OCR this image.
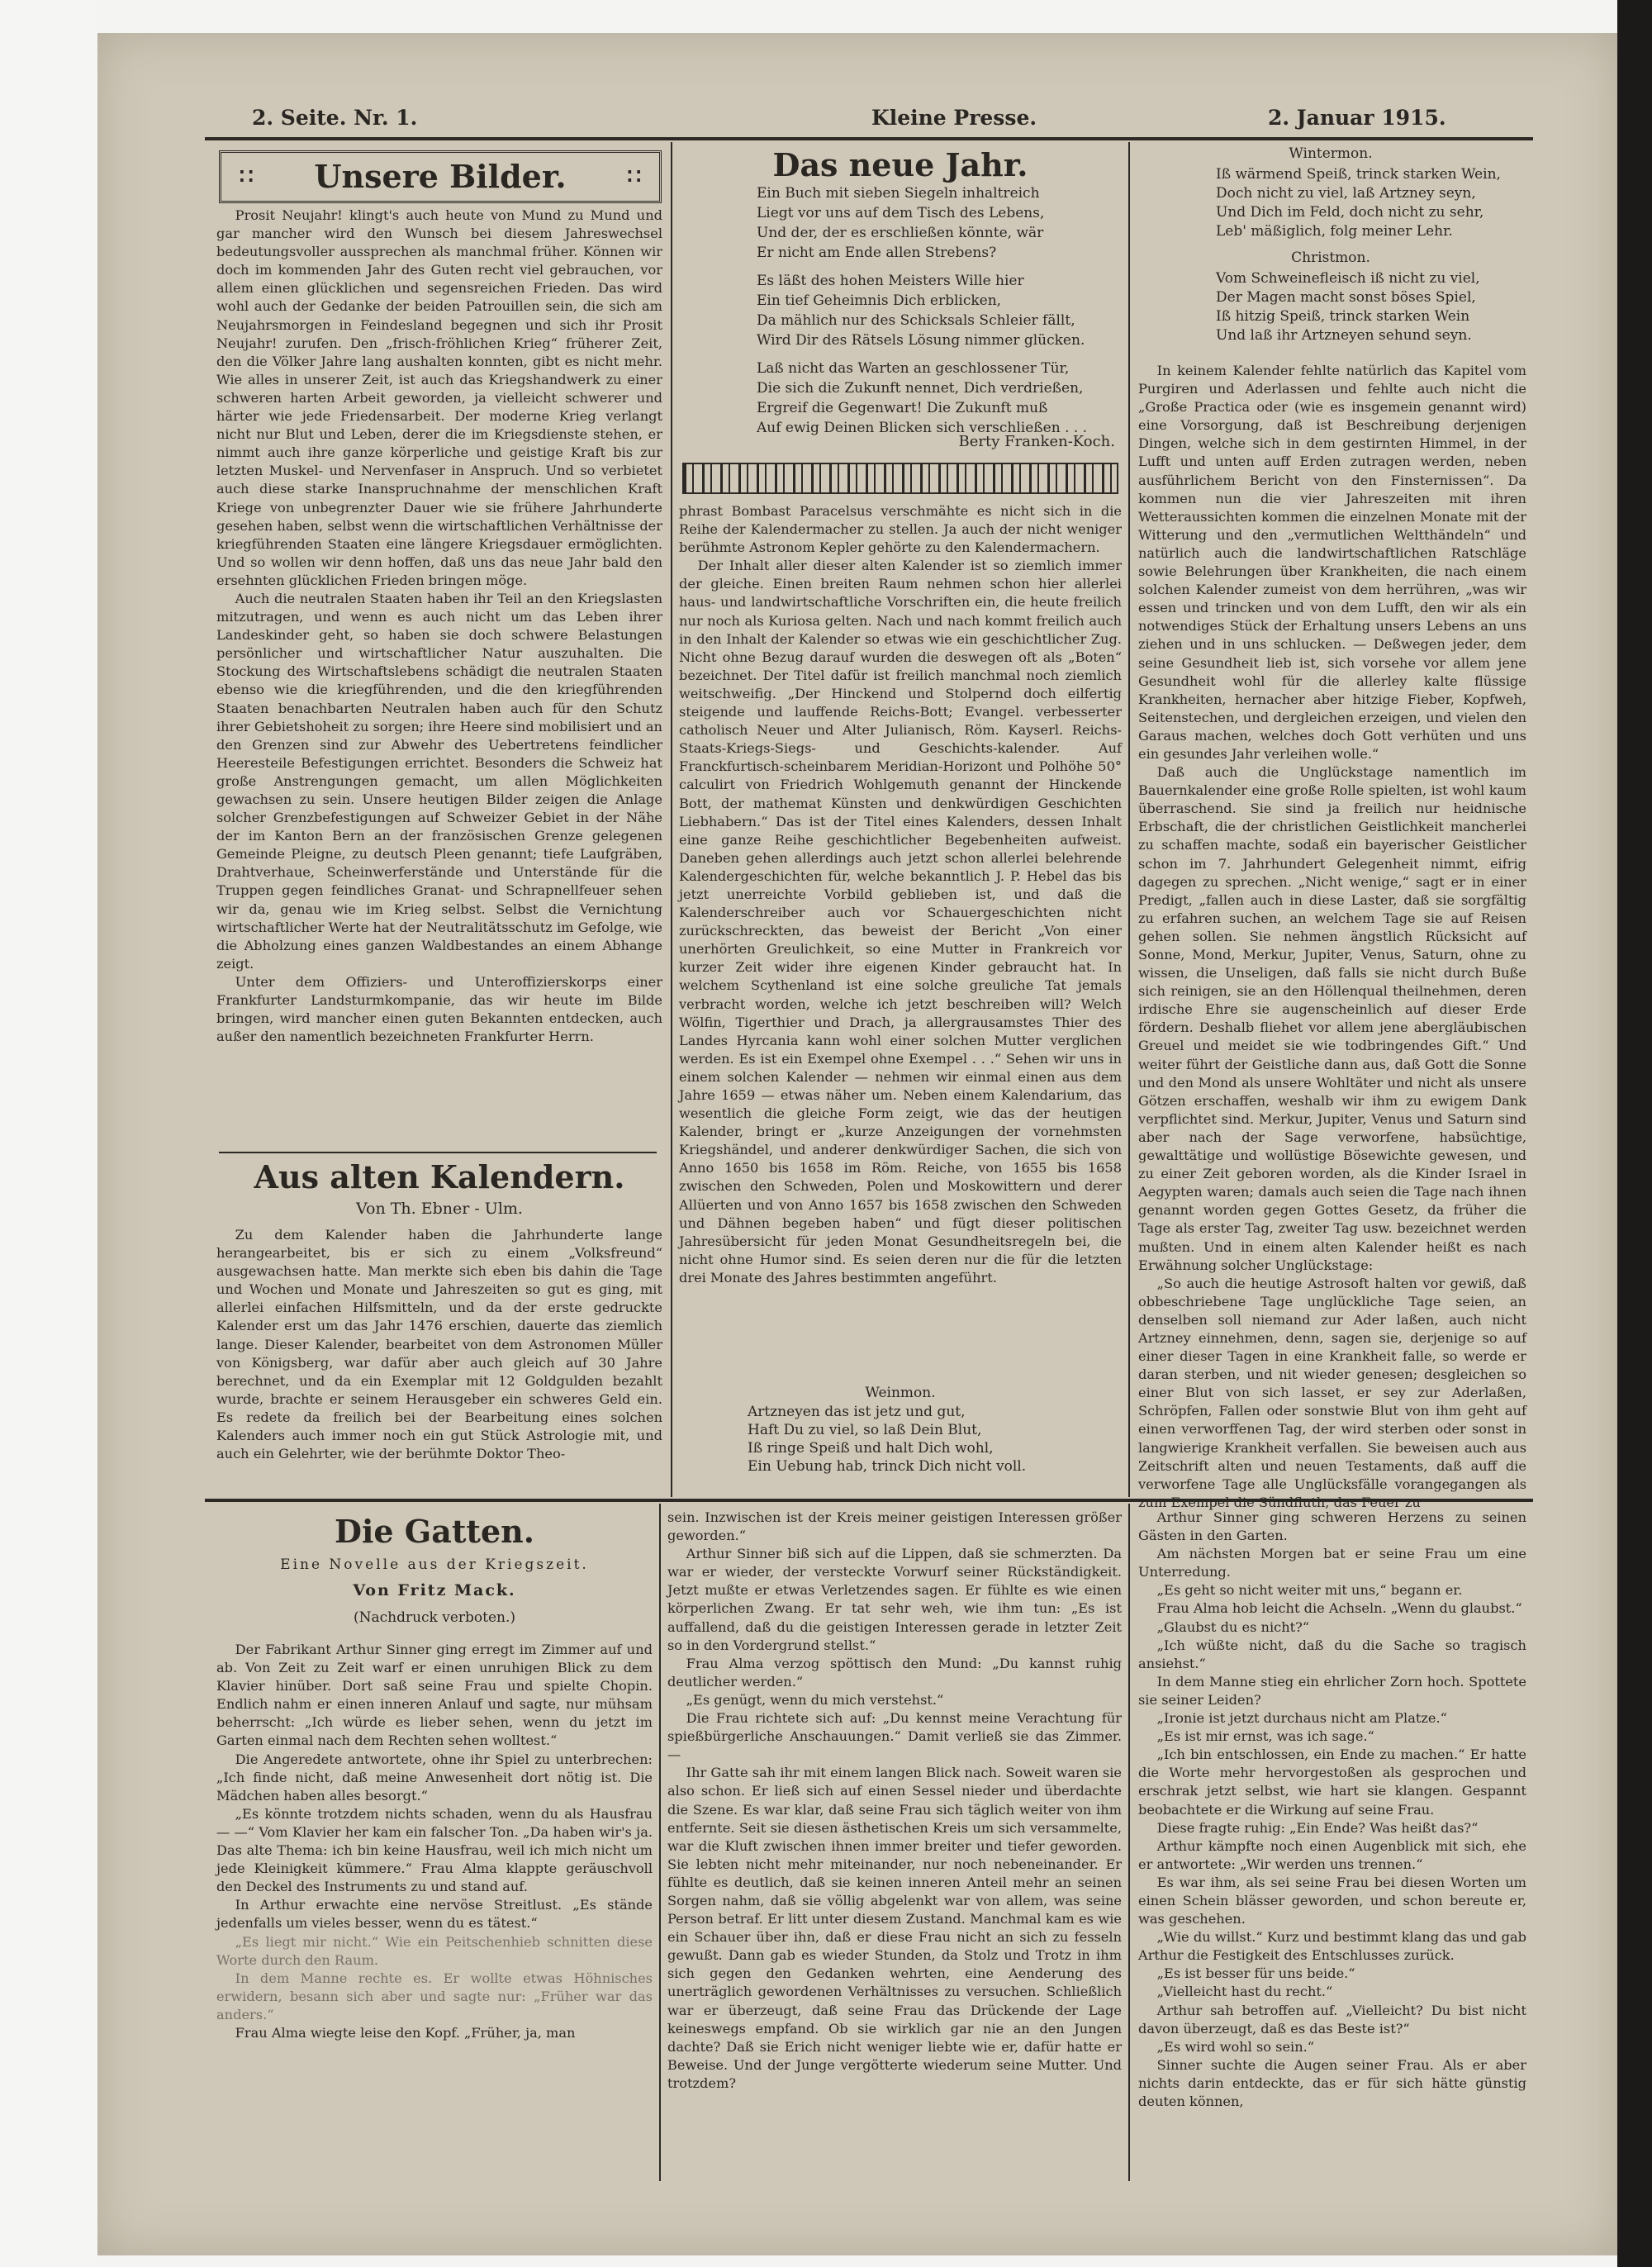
2. Seite. Nr. 1.	Kleine Presse.	2. Januar 1915.
∷ Unsere Bilder.	∷

Prosit Neujahr! klingt's auch heute von Mund zu Mund und gar mancher wird den Wunsch bei diesem Jahreswechsel bedeutungsvoller aussprechen als manchmal früher. Können wir doch im kommenden Jahr des Guten recht viel gebrauchen, vor allem einen glücklichen und segensreichen Frieden. Das wird wohl auch der Gedanke der beiden Patrouillen sein, die sich am Neujahrsmorgen in Feindesland begegnen und sich ihr Prosit Neujahr! zurufen. Den „frisch-fröhlichen Krieg“ früherer Zeit, den die Völker Jahre lang aushalten konnten, gibt es nicht mehr. Wie alles in unserer Zeit, ist auch das Kriegshandwerk zu einer schweren harten Arbeit geworden, ja vielleicht schwerer und härter wie jede Friedensarbeit. Der moderne Krieg verlangt nicht nur Blut und Leben, derer die im Kriegsdienste stehen, er nimmt auch ihre ganze körperliche und geistige Kraft bis zur letzten Muskel- und Nervenfaser in Anspruch. Und so verbietet auch diese starke Inanspruchnahme der menschlichen Kraft Kriege von unbegrenzter Dauer wie sie frühere Jahrhunderte gesehen haben, selbst wenn die wirtschaftlichen Verhältnisse der kriegführenden Staaten eine längere Kriegsdauer ermöglichten. Und so wollen wir denn hoffen, daß uns das neue Jahr bald den ersehnten glücklichen Frieden bringen möge.

Auch die neutralen Staaten haben ihr Teil an den Kriegslasten mitzutragen, und wenn es auch nicht um das Leben ihrer Landeskinder geht, so haben sie doch schwere Belastungen persönlicher und wirtschaftlicher Natur auszuhalten. Die Stockung des Wirtschaftslebens schädigt die neutralen Staaten ebenso wie die kriegführenden, und die den kriegführenden Staaten benachbarten Neutralen haben auch für den Schutz ihrer Gebietshoheit zu sorgen; ihre Heere sind mobilisiert und an den Grenzen sind zur Abwehr des Uebertretens feindlicher Heeresteile Befestigungen errichtet. Besonders die Schweiz hat große Anstrengungen gemacht, um allen Möglichkeiten gewachsen zu sein. Unsere heutigen Bilder zeigen die Anlage solcher Grenzbefestigungen auf Schweizer Gebiet in der Nähe der im Kanton Bern an der französischen Grenze gelegenen Gemeinde Pleigne, zu deutsch Pleen genannt; tiefe Laufgräben, Drahtverhaue, Scheinwerferstände und Unterstände für die Truppen gegen feindliches Granat- und Schrapnellfeuer sehen wir da, genau wie im Krieg selbst. Selbst die Vernichtung wirtschaftlicher Werte hat der Neutralitätsschutz im Gefolge, wie die Abholzung eines ganzen Waldbestandes an einem Abhange zeigt.

Unter dem Offiziers- und Unteroffizierskorps einer Frankfurter Landsturmkompanie, das wir heute im Bilde bringen, wird mancher einen guten Bekannten entdecken, auch außer den namentlich bezeichneten Frankfurter Herrn.

Aus alten Kalendern.
Von Th. Ebner - Ulm.

Zu dem Kalender haben die Jahrhunderte lange herangearbeitet, bis er sich zu einem „Volksfreund“ ausgewachsen hatte. Man merkte sich eben bis dahin die Tage und Wochen und Monate und Jahreszeiten so gut es ging, mit allerlei einfachen Hilfsmitteln, und da der erste gedruckte Kalender erst um das Jahr 1476 erschien, dauerte das ziemlich lange. Dieser Kalender, bearbeitet von dem Astronomen Müller von Königsberg, war dafür aber auch gleich auf 30 Jahre berechnet, und da ein Exemplar mit 12 Goldgulden bezahlt wurde, brachte er seinem Herausgeber ein schweres Geld ein. Es redete da freilich bei der Bearbeitung eines solchen Kalenders auch immer noch ein gut Stück Astrologie mit, und auch ein Gelehrter, wie der berühmte Doktor Theo-

Das neue Jahr.
Ein Buch mit sieben Siegeln inhaltreich
Liegt vor uns auf dem Tisch des Lebens,
Und der, der es erschließen könnte, wär
Er nicht am Ende allen Strebens?
Es läßt des hohen Meisters Wille hier
Ein tief Geheimnis Dich erblicken,
Da mählich nur des Schicksals Schleier fällt,
Wird Dir des Rätsels Lösung nimmer glücken.
Laß nicht das Warten an geschlossener Tür,
Die sich die Zukunft nennet, Dich verdrießen,
Ergreif die Gegenwart! Die Zukunft muß
Auf ewig Deinen Blicken sich verschließen . . .
Berty Franken-Koch.

phrast Bombast Paracelsus verschmähte es nicht sich in die Reihe der Kalendermacher zu stellen. Ja auch der nicht weniger berühmte Astronom Kepler gehörte zu den Kalendermachern.

Der Inhalt aller dieser alten Kalender ist so ziemlich immer der gleiche. Einen breiten Raum nehmen schon hier allerlei haus- und landwirtschaftliche Vorschriften ein, die heute freilich nur noch als Kuriosa gelten. Nach und nach kommt freilich auch in den Inhalt der Kalender so etwas wie ein geschichtlicher Zug. Nicht ohne Bezug darauf wurden die deswegen oft als „Boten“ bezeichnet. Der Titel dafür ist freilich manchmal noch ziemlich weitschweifig. „Der Hinckend und Stolpernd doch eilfertig steigende und lauffende Reichs-Bott; Evangel. verbesserter catholisch Neuer und Alter Julianisch, Röm. Kayserl. Reichs-Staats-Kriegs-Siegs- und Geschichts-kalender. Auf Franckfurtisch-scheinbarem Meridian-Horizont und Polhöhe 50° calculirt von Friedrich Wohlgemuth genannt der Hinckende Bott, der mathemat Künsten und denkwürdigen Geschichten Liebhabern.“ Das ist der Titel eines Kalenders, dessen Inhalt eine ganze Reihe geschichtlicher Begebenheiten aufweist. Daneben gehen allerdings auch jetzt schon allerlei belehrende Kalendergeschichten für, welche bekanntlich J. P. Hebel das bis jetzt unerreichte Vorbild geblieben ist, und daß die Kalenderschreiber auch vor Schauergeschichten nicht zurückschreckten, das beweist der Bericht „Von einer unerhörten Greulichkeit, so eine Mutter in Frankreich vor kurzer Zeit wider ihre eigenen Kinder gebraucht hat. In welchem Scythenland ist eine solche greuliche Tat jemals verbracht worden, welche ich jetzt beschreiben will? Welch Wölfin, Tigerthier und Drach, ja allergrausamstes Thier des Landes Hyrcania kann wohl einer solchen Mutter verglichen werden. Es ist ein Exempel ohne Exempel . . .“ Sehen wir uns in einem solchen Kalender — nehmen wir einmal einen aus dem Jahre 1659 — etwas näher um. Neben einem Kalendarium, das wesentlich die gleiche Form zeigt, wie das der heutigen Kalender, bringt er „kurze Anzeigungen der vornehmsten Kriegshändel, und anderer denkwürdiger Sachen, die sich von Anno 1650 bis 1658 im Röm. Reiche, von 1655 bis 1658 zwischen den Schweden, Polen und Moskowittern und derer Allüerten und von Anno 1657 bis 1658 zwischen den Schweden und Dähnen begeben haben“ und fügt dieser politischen Jahresübersicht für jeden Monat Gesundheitsregeln bei, die nicht ohne Humor sind. Es seien deren nur die für die letzten drei Monate des Jahres bestimmten angeführt.

Weinmon.
Artzneyen das ist jetz und gut,
Haft Du zu viel, so laß Dein Blut,
Iß ringe Speiß und halt Dich wohl,
Ein Uebung hab, trinck Dich nicht voll.
Wintermon.
Iß wärmend Speiß, trinck starken Wein,
Doch nicht zu viel, laß Artzney seyn,
Und Dich im Feld, doch nicht zu sehr,
Leb' mäßiglich, folg meiner Lehr.
Christmon.
Vom Schweinefleisch iß nicht zu viel,
Der Magen macht sonst böses Spiel,
Iß hitzig Speiß, trinck starken Wein
Und laß ihr Artzneyen sehund seyn.

In keinem Kalender fehlte natürlich das Kapitel vom Purgiren und Aderlassen und fehlte auch nicht die „Große Practica oder (wie es insgemein genannt wird) eine Vorsorgung, daß ist Beschreibung derjenigen Dingen, welche sich in dem gestirnten Himmel, in der Lufft und unten auff Erden zutragen werden, neben ausführlichem Bericht von den Finsternissen“. Da kommen nun die vier Jahreszeiten mit ihren Wetteraussichten kommen die einzelnen Monate mit der Witterung und den „vermutlichen Weltthändeln“ und natürlich auch die landwirtschaftlichen Ratschläge sowie Belehrungen über Krankheiten, die nach einem solchen Kalender zumeist von dem herrühren, „was wir essen und trincken und von dem Lufft, den wir als ein notwendiges Stück der Erhaltung unsers Lebens an uns ziehen und in uns schlucken. — Deßwegen jeder, dem seine Gesundheit lieb ist, sich vorsehe vor allem jene Gesundheit wohl für die allerley kalte flüssige Krankheiten, hernacher aber hitzige Fieber, Kopfweh, Seitenstechen, und dergleichen erzeigen, und vielen den Garaus machen, welches doch Gott verhüten und uns ein gesundes Jahr verleihen wolle.“

Daß auch die Unglückstage namentlich im Bauernkalender eine große Rolle spielten, ist wohl kaum überraschend. Sie sind ja freilich nur heidnische Erbschaft, die der christlichen Geistlichkeit mancherlei zu schaffen machte, sodaß ein bayerischer Geistlicher schon im 7. Jahrhundert Gelegenheit nimmt, eifrig dagegen zu sprechen. „Nicht wenige,“ sagt er in einer Predigt, „fallen auch in diese Laster, daß sie sorgfältig zu erfahren suchen, an welchem Tage sie auf Reisen gehen sollen. Sie nehmen ängstlich Rücksicht auf Sonne, Mond, Merkur, Jupiter, Venus, Saturn, ohne zu wissen, die Unseligen, daß falls sie nicht durch Buße sich reinigen, sie an den Höllenqual theilnehmen, deren irdische Ehre sie augenscheinlich auf dieser Erde fördern. Deshalb fliehet vor allem jene abergläubischen Greuel und meidet sie wie todbringendes Gift.“ Und weiter führt der Geistliche dann aus, daß Gott die Sonne und den Mond als unsere Wohltäter und nicht als unsere Götzen erschaffen, weshalb wir ihm zu ewigem Dank verpflichtet sind. Merkur, Jupiter, Venus und Saturn sind aber nach der Sage verworfene, habsüchtige, gewalttätige und wollüstige Bösewichte gewesen, und zu einer Zeit geboren worden, als die Kinder Israel in Aegypten waren; damals auch seien die Tage nach ihnen genannt worden gegen Gottes Gesetz, da früher die Tage als erster Tag, zweiter Tag usw. bezeichnet werden mußten. Und in einem alten Kalender heißt es nach Erwähnung solcher Unglückstage:

„So auch die heutige Astrosoft halten vor gewiß, daß obbeschriebene Tage unglückliche Tage seien, an denselben soll niemand zur Ader laßen, auch nicht Artzney einnehmen, denn, sagen sie, derjenige so auf einer dieser Tagen in eine Krankheit falle, so werde er daran sterben, und nit wieder genesen; desgleichen so einer Blut von sich lasset, er sey zur Aderlaßen, Schröpfen, Fallen oder sonstwie Blut von ihm geht auf einen verworffenen Tag, der wird sterben oder sonst in langwierige Krankheit verfallen. Sie beweisen auch aus Zeitschrift alten und neuen Testaments, daß auff die verworfene Tage alle Unglücksfälle vorangegangen als zum Exempel die Sündfluth, das Feuer zu

Die Gatten.
Eine Novelle aus der Kriegszeit.
Von Fritz Mack.
(Nachdruck verboten.)

Der Fabrikant Arthur Sinner ging erregt im Zimmer auf und ab. Von Zeit zu Zeit warf er einen unruhigen Blick zu dem Klavier hinüber. Dort saß seine Frau und spielte Chopin. Endlich nahm er einen inneren Anlauf und sagte, nur mühsam beherrscht: „Ich würde es lieber sehen, wenn du jetzt im Garten einmal nach dem Rechten sehen wolltest.“

Die Angeredete antwortete, ohne ihr Spiel zu unterbrechen: „Ich finde nicht, daß meine Anwesenheit dort nötig ist. Die Mädchen haben alles besorgt.“

„Es könnte trotzdem nichts schaden, wenn du als Hausfrau — —“ Vom Klavier her kam ein falscher Ton. „Da haben wir's ja. Das alte Thema: ich bin keine Hausfrau, weil ich mich nicht um jede Kleinigkeit kümmere.“ Frau Alma klappte geräuschvoll den Deckel des Instruments zu und stand auf.

In Arthur erwachte eine nervöse Streitlust. „Es stände jedenfalls um vieles besser, wenn du es tätest.“

„Es liegt mir nicht.“ Wie ein Peitschenhieb schnitten diese Worte durch den Raum.

In dem Manne rechte es. Er wollte etwas Höhnisches erwidern, besann sich aber und sagte nur: „Früher war das anders.“

Frau Alma wiegte leise den Kopf. „Früher, ja, man

sein. Inzwischen ist der Kreis meiner geistigen Interessen größer geworden.“

Arthur Sinner biß sich auf die Lippen, daß sie schmerzten. Da war er wieder, der versteckte Vorwurf seiner Rückständigkeit. Jetzt mußte er etwas Verletzendes sagen. Er fühlte es wie einen körperlichen Zwang. Er tat sehr weh, wie ihm tun: „Es ist auffallend, daß du die geistigen Interessen gerade in letzter Zeit so in den Vordergrund stellst.“

Frau Alma verzog spöttisch den Mund: „Du kannst ruhig deutlicher werden.“

„Es genügt, wenn du mich verstehst.“

Die Frau richtete sich auf: „Du kennst meine Verachtung für spießbürgerliche Anschauungen.“ Damit verließ sie das Zimmer. —

Ihr Gatte sah ihr mit einem langen Blick nach. Soweit waren sie also schon. Er ließ sich auf einen Sessel nieder und überdachte die Szene. Es war klar, daß seine Frau sich täglich weiter von ihm entfernte. Seit sie diesen ästhetischen Kreis um sich versammelte, war die Kluft zwischen ihnen immer breiter und tiefer geworden. Sie lebten nicht mehr miteinander, nur noch nebeneinander. Er fühlte es deutlich, daß sie keinen inneren Anteil mehr an seinen Sorgen nahm, daß sie völlig abgelenkt war von allem, was seine Person betraf. Er litt unter diesem Zustand. Manchmal kam es wie ein Schauer über ihn, daß er diese Frau nicht an sich zu fesseln gewußt. Dann gab es wieder Stunden, da Stolz und Trotz in ihm sich gegen den Gedanken wehrten, eine Aenderung des unerträglich gewordenen Verhältnisses zu versuchen. Schließlich war er überzeugt, daß seine Frau das Drückende der Lage keineswegs empfand. Ob sie wirklich gar nie an den Jungen dachte? Daß sie Erich nicht weniger liebte wie er, dafür hatte er Beweise. Und der Junge vergötterte wiederum seine Mutter. Und trotzdem?

Arthur Sinner ging schweren Herzens zu seinen Gästen in den Garten.

Am nächsten Morgen bat er seine Frau um eine Unterredung.

„Es geht so nicht weiter mit uns,“ begann er.

Frau Alma hob leicht die Achseln. „Wenn du glaubst.“

„Glaubst du es nicht?“

„Ich wüßte nicht, daß du die Sache so tragisch ansiehst.“

In dem Manne stieg ein ehrlicher Zorn hoch. Spottete sie seiner Leiden?

„Ironie ist jetzt durchaus nicht am Platze.“

„Es ist mir ernst, was ich sage.“

„Ich bin entschlossen, ein Ende zu machen.“ Er hatte die Worte mehr hervorgestoßen als gesprochen und erschrak jetzt selbst, wie hart sie klangen. Gespannt beobachtete er die Wirkung auf seine Frau.

Diese fragte ruhig: „Ein Ende? Was heißt das?“

Arthur kämpfte noch einen Augenblick mit sich, ehe er antwortete: „Wir werden uns trennen.“

Es war ihm, als sei seine Frau bei diesen Worten um einen Schein blässer geworden, und schon bereute er, was geschehen.

„Wie du willst.“ Kurz und bestimmt klang das und gab Arthur die Festigkeit des Entschlusses zurück.

„Es ist besser für uns beide.“

„Vielleicht hast du recht.“

Arthur sah betroffen auf. „Vielleicht? Du bist nicht davon überzeugt, daß es das Beste ist?“

„Es wird wohl so sein.“

Sinner suchte die Augen seiner Frau. Als er aber nichts darin entdeckte, das er für sich hätte günstig deuten können,
